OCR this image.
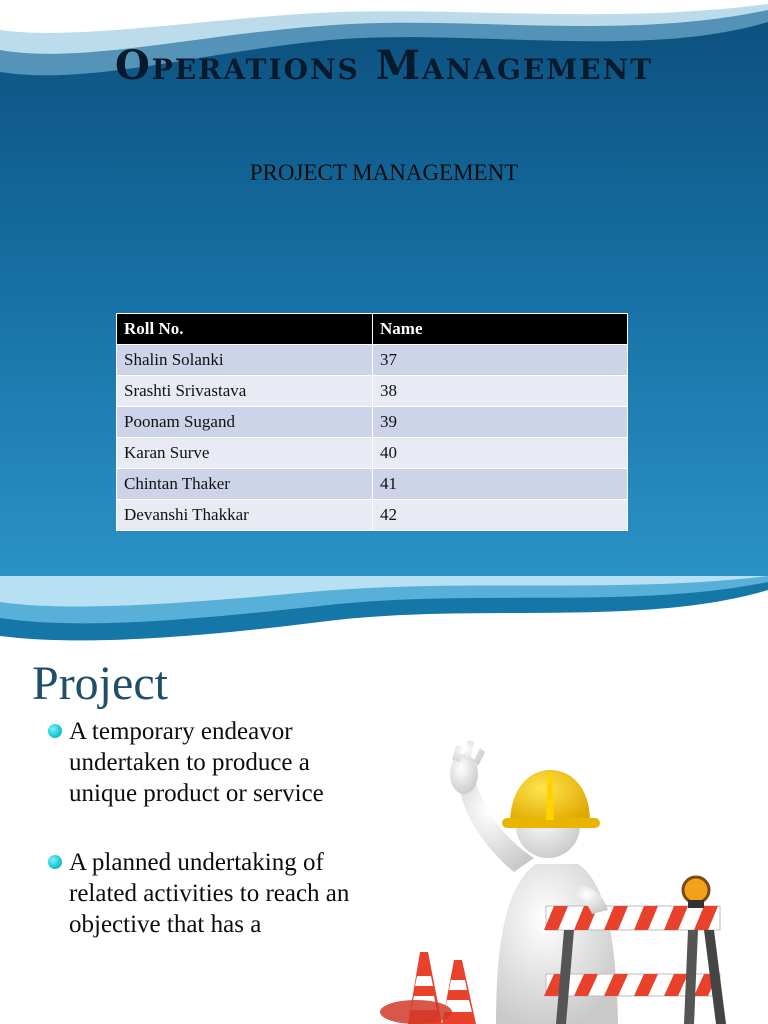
Operations Management
PROJECT MANAGEMENT
Roll No.	Name
Shalin Solanki	37
Srashti Srivastava	38
Poonam Sugand	39
Karan Surve	40
Chintan Thaker	41
Devanshi Thakkar	42
Project
A temporary endeavor undertaken to produce a unique product or service
A planned undertaking of related activities to reach an objective that has a
